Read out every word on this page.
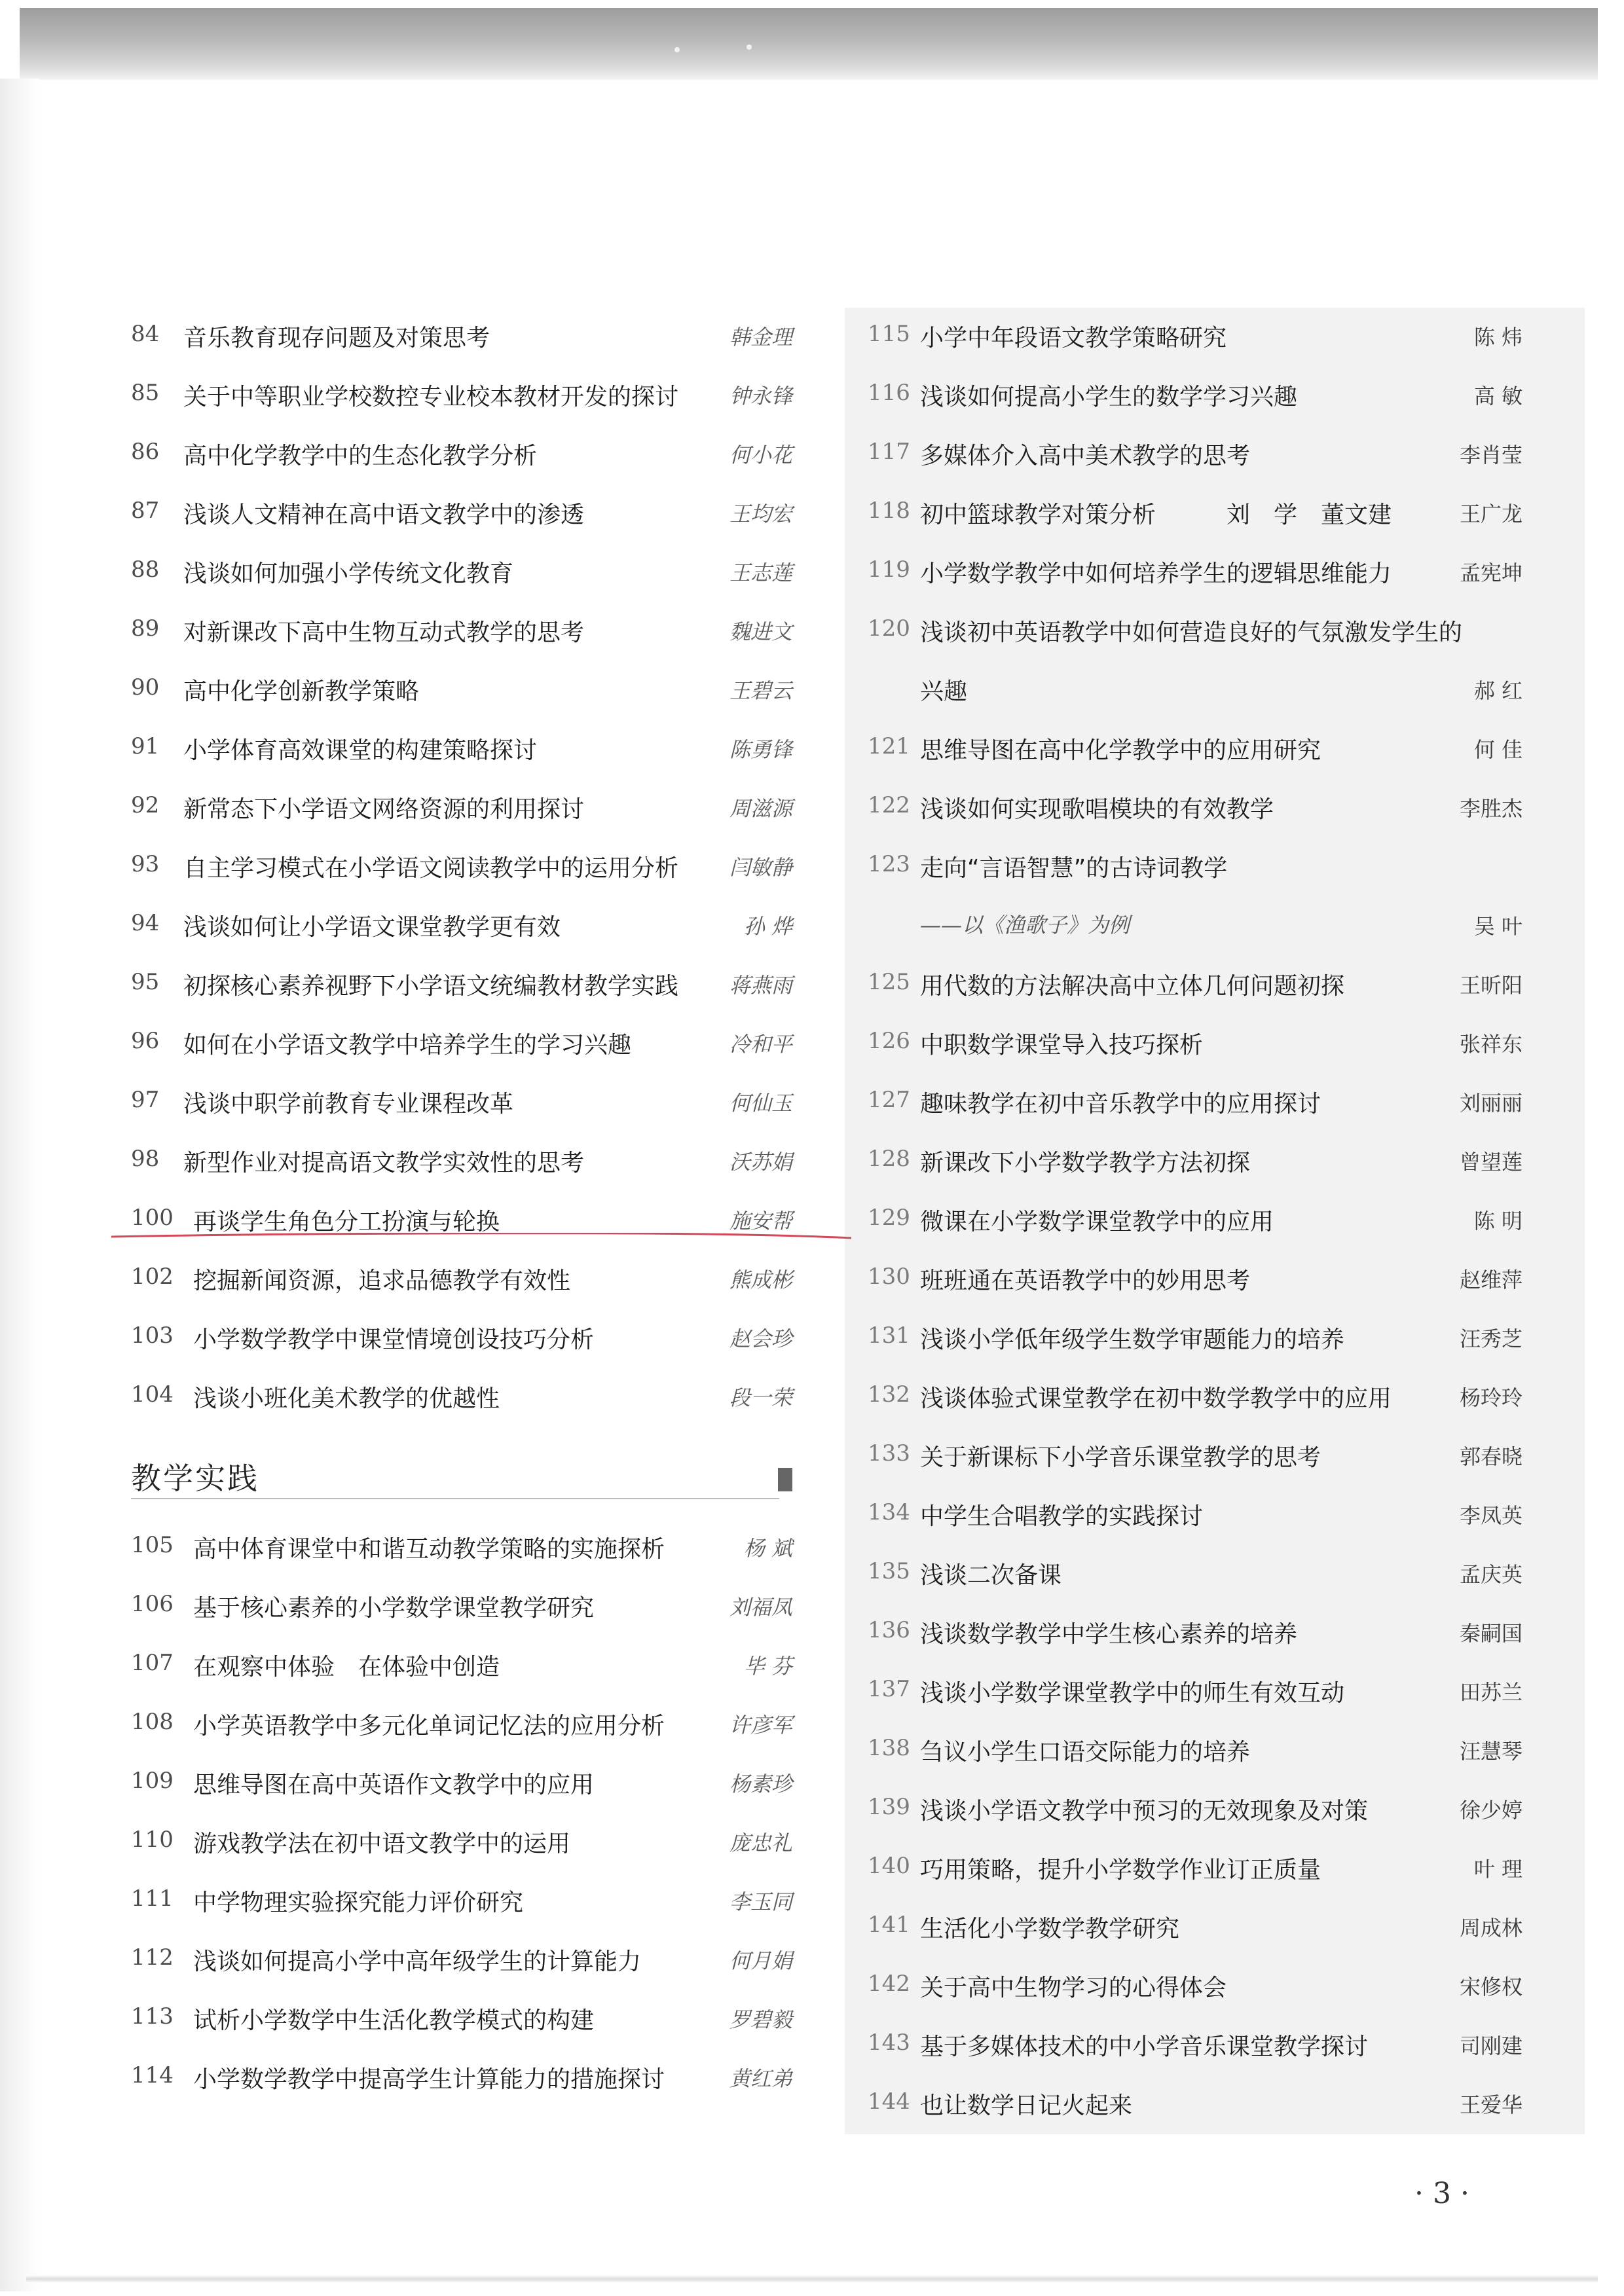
84	音乐教育现存问题及对策思考	韩金理
85	关于中等职业学校数控专业校本教材开发的探讨 钟永锋
86	高中化学教学中的生态化教学分析	何小花
87	浅谈人文精神在高中语文教学中的渗透	王均宏
88	浅谈如何加强小学传统文化教育	王志莲
89	对新课改下高中生物互动式教学的思考	魏进文
90	高中化学创新教学策略	王碧云
91	小学体育高效课堂的构建策略探讨	陈勇锋
92	新常态下小学语文网络资源的利用探讨	周滋源
93	自主学习模式在小学语文阅读教学中的运用分析 闫敏静
94	浅谈如何让小学语文课堂教学更有效	孙 烨
95	初探核心素养视野下小学语文统编教材教学实践 蒋燕雨
96	如何在小学语文教学中培养学生的学习兴趣	冷和平
97	浅谈中职学前教育专业课程改革	何仙玉
98	新型作业对提高语文教学实效性的思考	沃苏娟
100 再谈学生角色分工扮演与轮换	施安帮
102 挖掘新闻资源，追求品德教学有效性	熊成彬
103 小学数学教学中课堂情境创设技巧分析	赵会珍
104 浅谈小班化美术教学的优越性	段一荣
教学实践
105 高中体育课堂中和谐互动教学策略的实施探析	杨 斌
106 基于核心素养的小学数学课堂教学研究	刘福凤
107 在观察中体验　在体验中创造	毕 芬
108 小学英语教学中多元化单词记忆法的应用分析	许彦军
109 思维导图在高中英语作文教学中的应用	杨素珍
110 游戏教学法在初中语文教学中的运用	庞忠礼
111 中学物理实验探究能力评价研究	李玉同
112 浅谈如何提高小学中高年级学生的计算能力	何月娟
113 试析小学数学中生活化教学模式的构建	罗碧毅
114 小学数学教学中提高学生计算能力的措施探讨	黄红弟
115 小学中年段语文教学策略研究	陈 炜
116 浅谈如何提高小学生的数学学习兴趣	高 敏
117 多媒体介入高中美术教学的思考	李肖莹
118 初中篮球教学对策分析　　　刘　学　董文建	王广龙
119 小学数学教学中如何培养学生的逻辑思维能力	孟宪坤
120 浅谈初中英语教学中如何营造良好的气氛激发学生的
兴趣	郝 红
121 思维导图在高中化学教学中的应用研究	何 佳
122 浅谈如何实现歌唱模块的有效教学	李胜杰
123 走向“言语智慧”的古诗词教学
——以《渔歌子》为例	吴 叶
125 用代数的方法解决高中立体几何问题初探	王昕阳
126 中职数学课堂导入技巧探析	张祥东
127 趣味教学在初中音乐教学中的应用探讨	刘丽丽
128 新课改下小学数学教学方法初探	曾望莲
129 微课在小学数学课堂教学中的应用	陈 明
130 班班通在英语教学中的妙用思考	赵维萍
131 浅谈小学低年级学生数学审题能力的培养	汪秀芝
132 浅谈体验式课堂教学在初中数学教学中的应用	杨玲玲
133 关于新课标下小学音乐课堂教学的思考	郭春晓
134 中学生合唱教学的实践探讨	李凤英
135 浅谈二次备课	孟庆英
136 浅谈数学教学中学生核心素养的培养	秦嗣国
137 浅谈小学数学课堂教学中的师生有效互动	田苏兰
138 刍议小学生口语交际能力的培养	汪慧琴
139 浅谈小学语文教学中预习的无效现象及对策	徐少婷
140 巧用策略，提升小学数学作业订正质量	叶 理
141 生活化小学数学教学研究	周成林
142 关于高中生物学习的心得体会	宋修权
143 基于多媒体技术的中小学音乐课堂教学探讨	司刚建
144 也让数学日记火起来	王爱华
· 3 ·
